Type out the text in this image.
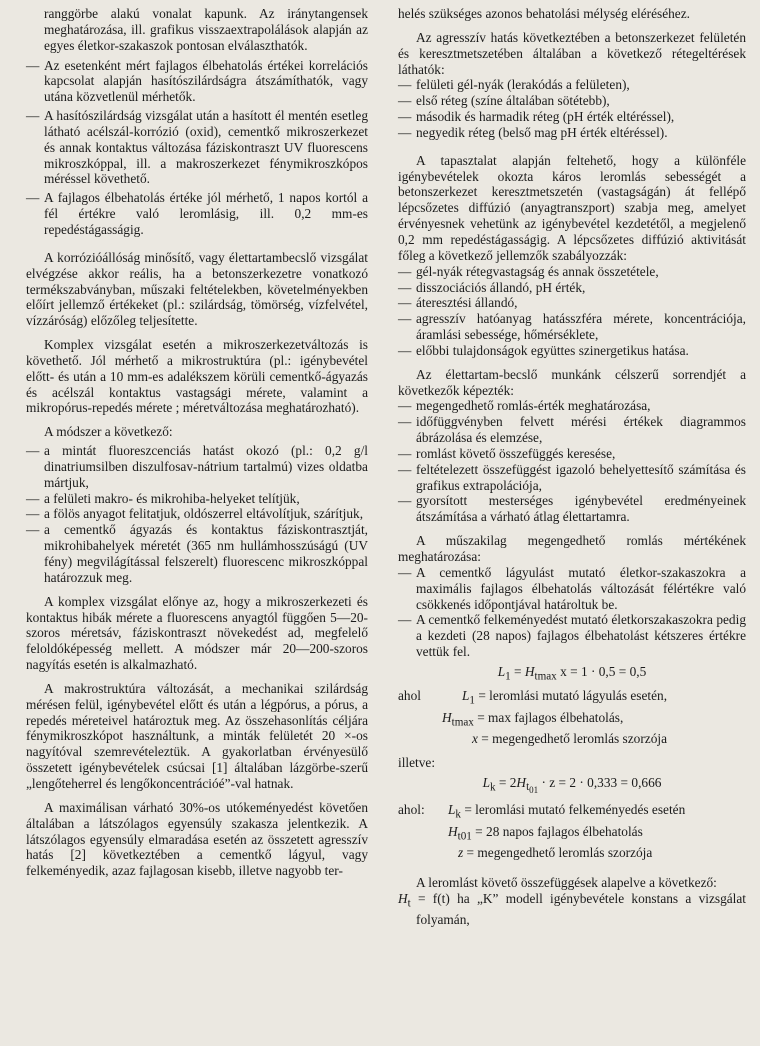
ranggörbe alakú vonalat kapunk. Az iránytangensek meghatározása, ill. grafikus visszaextrapolálások alapján az egyes életkor-szakaszok pontosan elválaszthatók.

— Az esetenként mért fajlagos élbehatolás értékei korrelációs kapcsolat alapján hasítószilárdságra átszámíthatók, vagy utána közvetlenül mérhetők.
— A hasítószilárdság vizsgálat után a hasított él mentén esetleg látható acélszál-korrózió (oxid), cementkő mikroszerkezet és annak kontaktus változása fáziskontraszt UV fluorescens mikroszkóppal, ill. a makroszerkezet fénymikroszkópos méréssel követhető.
— A fajlagos élbehatolás értéke jól mérhető, 1 napos kortól a fél értékre való leromlásig, ill. 0,2 mm-es repedéstágasságig.

A korrózióállóság minősítő, vagy élettartambecslő vizsgálat elvégzése akkor reális, ha a betonszerkezetre vonatkozó termékszabványban, műszaki feltételekben, követelményekben előírt jellemző értékeket (pl.: szilárdság, tömörség, vízfelvétel, vízzáróság) előzőleg teljesítette.

Komplex vizsgálat esetén a mikroszerkezetváltozás is követhető. Jól mérhető a mikrostruktúra (pl.: igénybevétel előtt- és után a 10 mm-es adalékszem körüli cementkő-ágyazás és acélszál kontaktus vastagsági mérete, valamint a mikropórus-repedés mérete ; méretváltozása meghatározható).

A módszer a következő:

— a mintát fluoreszcenciás hatást okozó (pl.: 0,2 g/l dinatriumsilben diszulfosav-nátrium tartalmú) vizes oldatba mártjuk,
— a felületi makro- és mikrohiba-helyeket telítjük,
— a fölös anyagot felitatjuk, oldószerrel eltávolítjuk, szárítjuk,
— a cementkő ágyazás és kontaktus fáziskontrasztját, mikrohibahelyek méretét (365 nm hullámhosszúságú (UV fény) megvilágítással felszerelt) fluorescenc mikroszkóppal határozzuk meg.

A komplex vizsgálat előnye az, hogy a mikroszerkezeti és kontaktus hibák mérete a fluorescens anyagtól függően 5—20-szoros méretsáv, fáziskontraszt növekedést ad, megfelelő feloldóképesség mellett. A módszer már 20—200-szoros nagyítás esetén is alkalmazható.

A makrostruktúra változását, a mechanikai szilárdság mérésen felül, igénybevétel előtt és után a légpórus, a pórus, a repedés méreteivel határoztuk meg. Az összehasonlítás céljára fénymikroszkópot használtunk, a minták felületét 20 ×-os nagyítóval szemrevételeztük. A gyakorlatban érvényesülő összetett igénybevételek csúcsai [1] általában lázgörbe-szerű „lengőteherrel és lengőkoncentrációé”-val hatnak.

A maximálisan várható 30%-os utókeményedést követően általában a látszólagos egyensúly szakasza jelentkezik. A látszólagos egyensúly elmaradása esetén az összetett agresszív hatás [2] következtében a cementkő lágyul, vagy felkeményedik, azaz fajlagosan kisebb, illetve nagyobb ter-

helés szükséges azonos behatolási mélység eléréséhez.

Az agresszív hatás következtében a betonszerkezet felületén és keresztmetszetében általában a következő rétegeltérések láthatók:

— felületi gél-nyák (lerakódás a felületen),
— első réteg (színe általában sötétebb),
— második és harmadik réteg (pH érték eltéréssel),
— negyedik réteg (belső mag pH érték eltéréssel).

A tapasztalat alapján feltehető, hogy a különféle igénybevételek okozta káros leromlás sebességét a betonszerkezet keresztmetszetén (vastagságán) át fellépő lépcsőzetes diffúzió (anyagtranszport) szabja meg, amelyet érvényesnek vehetünk az igénybevétel kezdetétől, a megjelenő 0,2 mm repedéstágasságig. A lépcsőzetes diffúzió aktivitását főleg a következő jellemzők szabályozzák:

— gél-nyák rétegvastagság és annak összetétele,
— disszociációs állandó, pH érték,
— áteresztési állandó,
— agresszív hatóanyag hatásszféra mérete, koncentrációja, áramlási sebessége, hőmérséklete,
— előbbi tulajdonságok együttes szinergetikus hatása.

Az élettartam-becslő munkánk célszerű sorrendjét a következők képezték:

— megengedhető romlás-érték meghatározása,
— időfüggvényben felvett mérési értékek diagrammos ábrázolása és elemzése,
— romlást követő összefüggés keresése,
— feltételezett összefüggést igazoló behelyettesítő számítása és grafikus extrapolációja,
— gyorsított mesterséges igénybevétel eredményeinek átszámítása a várható átlag élettartamra.

A műszakilag megengedhető romlás mértékének meghatározása:

— A cementkő lágyulást mutató életkor-szakaszokra a maximális fajlagos élbehatolás változását félértékre való csökkenés időpontjával határoltuk be.
— A cementkő felkeményedést mutató életkorszakaszokra pedig a kezdeti (28 napos) fajlagos élbehatolást kétszeres értékre vettük fel.
$L_1 = H_{tmax}$ x = 1 · 0,5 = 0,5
ahol	$L_1$ = leromlási mutató lágyulás esetén,
$H_{tmax} = \max$ fajlagos élbehatolás,
x = megengedhető leromlás szorzója

illetve:

$L_k = 2H_{t_{01}} \cdot z = 2 \cdot 0,333 = 0,666$
ahol:	$L_k$ = leromlási mutató felkeményedés esetén
$H_{t01} = 28$ napos fajlagos élbehatolás
z = megengedhető leromlás szorzója

A leromlást követő összefüggések alapelve a következő:

$H_t = f(t)$ ha „K” modell igénybevétele konstans a vizsgálat folyamán,
